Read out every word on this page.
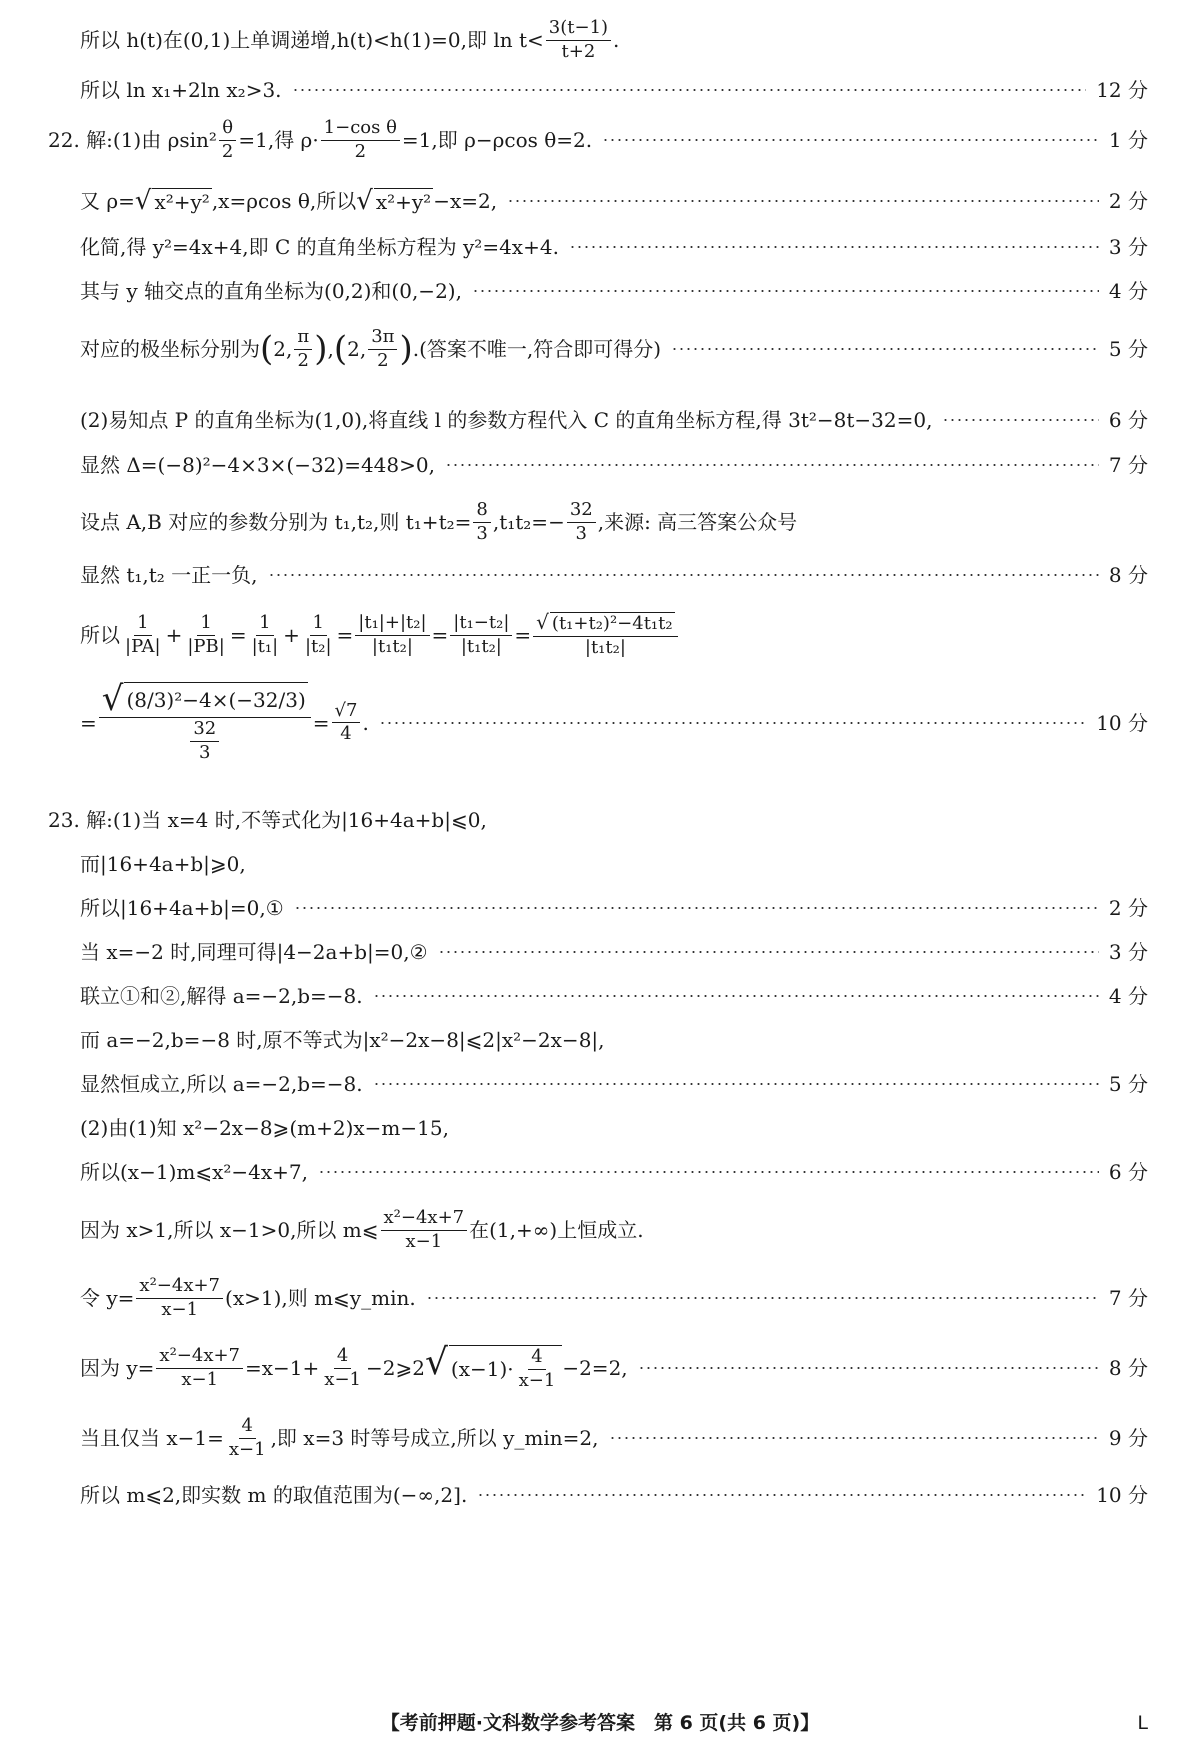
所以 h(t)在(0,1)上单调递增,h(t)<h(1)=0,即 $\ln t< \frac{3(t-1)}{t+2}$ .
所以 ln x₁+2ln x₂>3.	12 分
22. 解:(1)由 $\rho\sin^2 \frac{\theta}{2} =1$,得 $\rho\cdot \frac{\text{1−cos θ}}{2} =1$,即 ρ−ρcos θ=2.	1 分
又 ρ= √ x²+y² ,x=ρcos θ,所以 √ x²+y² −x=2,	2 分
化简,得 y²=4x+4,即 C 的直角坐标方程为 y²=4x+4.	3 分
其与 y 轴交点的直角坐标为(0,2)和(0,−2),	4 分
对应的极坐标分别为 ( 2, $\frac{\pi}{2}$ ) , ( 2, $\frac{3\pi}{2}$ ) .(答案不唯一,符合即可得分)	5 分
(2)易知点 P 的直角坐标为(1,0),将直线 l 的参数方程代入 C 的直角坐标方程,得 3t²−8t−32=0,	6 分
显然 Δ=(−8)²−4×3×(−32)=448>0,	7 分
设点 A,B 对应的参数分别为 t₁,t₂,则 $t_1+t_2= \frac{8}{3} ,t_1t_2=- \frac{32}{3}$ ,来源: 高三答案公众号
显然 t₁,t₂ 一正一负,	8 分
所以 $\frac{1}{|PA|} + \frac{1}{|PB|} = \frac{1}{\text{|t₁|}} + \frac{1}{\text{|t₂|}} = \frac{\text{|t₁|+|t₂|}}{\text{|t₁t₂|}} = \frac{\text{|t₁−t₂|}}{\text{|t₁t₂|}} = \frac{\text{√ (t₁+t₂)²−4t₁t₂}}{\text{|t₁t₂|}}$
= $\frac{\text{√ (8/3)²−4×(−32/3)}}{\frac{32}{3}} = \frac{√7}{4}$ .	10 分
23. 解:(1)当 x=4 时,不等式化为|16+4a+b|⩽0,
而|16+4a+b|⩾0,
所以|16+4a+b|=0,①	2 分
当 x=−2 时,同理可得|4−2a+b|=0,②	3 分
联立①和②,解得 a=−2,b=−8.	4 分
而 a=−2,b=−8 时,原不等式为|x²−2x−8|⩽2|x²−2x−8|,
显然恒成立,所以 a=−2,b=−8.	5 分
(2)由(1)知 x²−2x−8⩾(m+2)x−m−15,
所以(x−1)m⩽x²−4x+7,	6 分
因为 x>1,所以 x−1>0,所以 m⩽ $\frac{\text{x²−4x+7}}{x-1}$ 在(1,+∞)上恒成立.
令 $y= \frac{\text{x²−4x+7}}{x-1} (x>1)$,则 m⩽y_min.	7 分
因为 $y= \frac{\text{x²−4x+7}}{x-1} =x-1+ \frac{4}{x-1}$ −2⩾2 √ $(x-1)\cdot \frac{4}{x-1} -2=2$,	8 分
当且仅当 $x-1= \frac{4}{x-1}$ ,即 x=3 时等号成立,所以 y_min=2,	9 分
所以 m⩽2,即实数 m 的取值范围为(−∞,2].	10 分
【考前押题·文科数学参考答案　第 6 页(共 6 页)】	L
